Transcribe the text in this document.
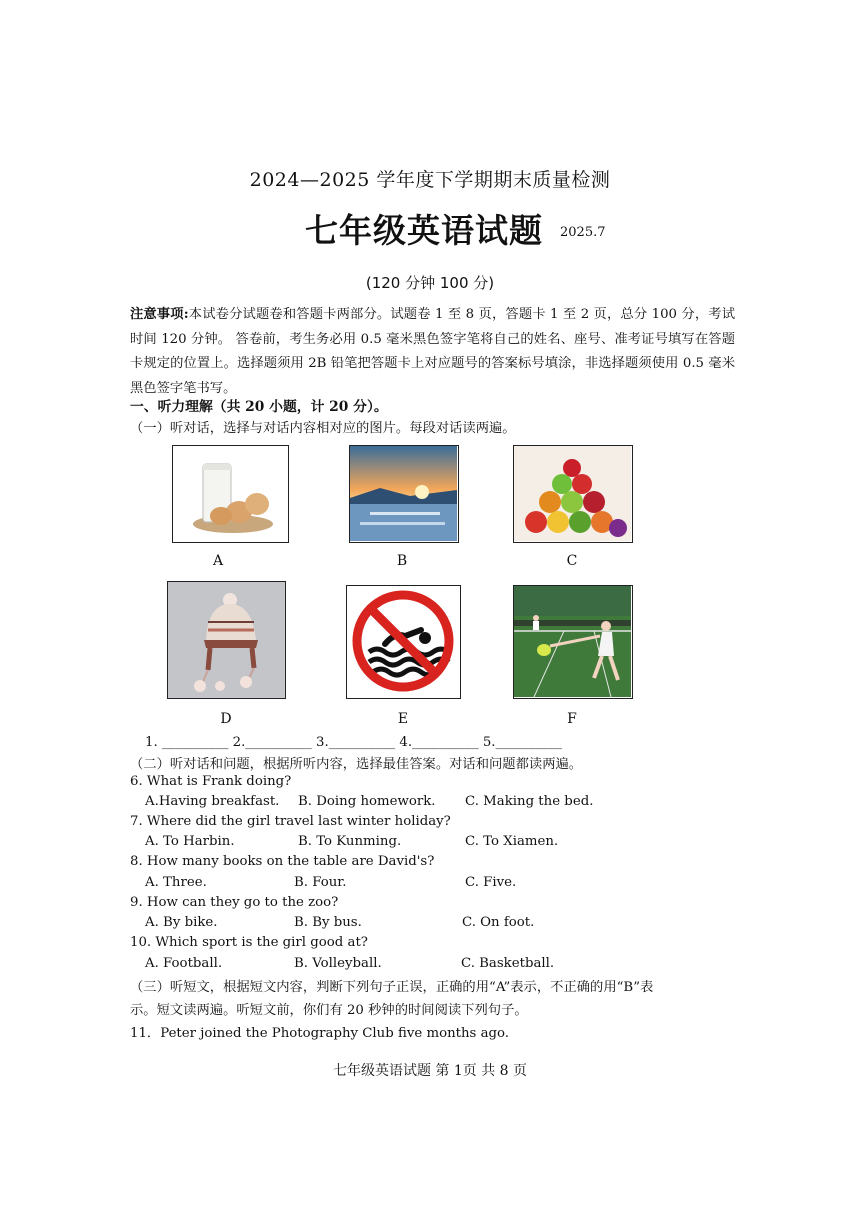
2024—2025 学年度下学期期末质量检测
七年级英语试题 2025.7
(120 分钟 100 分)
注意事项:本试卷分试题卷和答题卡两部分。试题卷 1 至 8 页，答题卡 1 至 2 页，总分 100 分，考试时间 120 分钟。 答卷前，考生务必用 0.5 毫米黑色签字笔将自己的姓名、座号、准考证号填写在答题卡规定的位置上。选择题须用 2B 铅笔把答题卡上对应题号的答案标号填涂，非选择题须使用 0.5 毫米黑色签字笔书写。
一、听力理解（共 20 小题，计 20 分）。
（一）听对话，选择与对话内容相对应的图片。每段对话读两遍。
A	B	C
D	E	F
1. __________ 2.__________ 3.__________ 4.__________ 5.__________
（二）听对话和问题，根据所听内容，选择最佳答案。对话和问题都读两遍。
6. What is Frank doing?
A.Having breakfast. B. Doing homework. C. Making the bed.
7. Where did the girl travel last winter holiday?
A. To Harbin.	B. To Kunming.	C. To Xiamen.
8. How many books on the table are David's?
A. Three.	B. Four.	C. Five.
9. How can they go to the zoo?
A. By bike.	B. By bus.	C. On foot.
10. Which sport is the girl good at?
A. Football.	B. Volleyball.	C. Basketball.
（三）听短文，根据短文内容，判断下列句子正误，正确的用“A”表示，不正确的用“B”表
示。短文读两遍。听短文前，你们有 20 秒钟的时间阅读下列句子。
11．Peter joined the Photography Club five months ago.
七年级英语试题 第 1页 共 8 页
